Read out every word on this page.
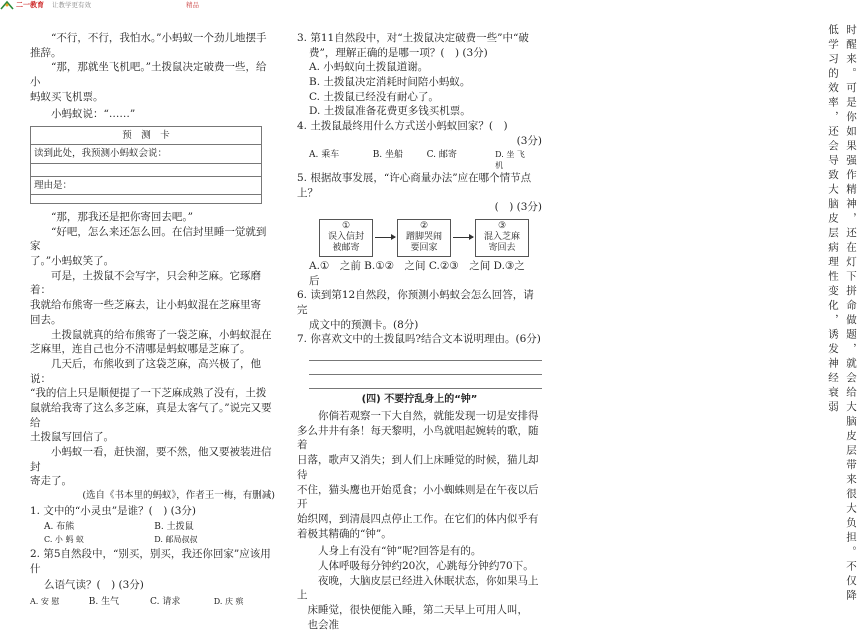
二一教育 让教学更有效	精品

“不行，不行，我怕水。”小蚂蚁一个劲儿地摆手

推辞。

“那，那就坐飞机吧。”土拨鼠决定破费一些，给小

蚂蚁买飞机票。

小蚂蚁说：“……”

预　测　卡
读到此处，我预测小蚂蚁会说：

理由是：

“那，那我还是把你寄回去吧。”

“好吧，怎么来还怎么回。在信封里睡一觉就到家

了。”小蚂蚁笑了。

可是，土拨鼠不会写字，只会种芝麻。它琢磨着：

我就给布熊寄一些芝麻去，让小蚂蚁混在芝麻里寄

回去。

土拨鼠就真的给布熊寄了一袋芝麻，小蚂蚁混在

芝麻里，连自己也分不清哪是蚂蚁哪是芝麻了。

几天后，布熊收到了这袋芝麻，高兴极了，他说：

“我的信上只是顺便提了一下芝麻成熟了没有，土拨

鼠就给我寄了这么多芝麻，真是太客气了。”说完又要给

土拨鼠写回信了。

小蚂蚁一看，赶快溜，要不然，他又要被装进信封

寄走了。

(选自《书本里的蚂蚁》，作者王一梅，有删减)

1. 文中的“小灵虫”是谁？(　) (3分)

A. 布熊	B. 土拨鼠
C. 小 蚂 蚁	D. 邮局叔叔

2. 第5自然段中，“别买，别买，我还你回家”应该用什

么语气读？(　) (3分)

A. 安 慰	B. 生气	C. 请求	D. 庆 殡

3. 第11自然段中，对“土拨鼠决定破费一些”中“破

费”，理解正确的是哪一项？(　) (3分)

A. 小蚂蚁向土拨鼠道谢。

B. 土拨鼠决定消耗时间陪小蚂蚁。

C. 土拨鼠已经没有耐心了。

D. 土拨鼠准备花费更多钱买机票。

4. 土拨鼠最终用什么方式送小蚂蚁回家？(　)

(3分)

A. 乘车	B. 坐船	C. 邮寄	D. 坐 飞 机

5. 根据故事发展，“许心商量办法”应在哪个情节点上？

(　) (3分)

①
误入信封
被邮寄
②
蹭脚哭闹
要回家
③
混入芝麻
寄回去

A.①　之前 B.①②　之间 C.②③　之间 D.③之　后

6. 读到第12自然段，你预测小蚂蚁会怎么回答，请完

成文中的预测卡。(8分)

7. 你喜欢文中的土拨鼠吗?结合文本说明理由。(6分)

(四) 不要拧乱身上的“钟”

你倘若观察一下大自然，就能发现一切是安排得

多么井井有条！每天黎明，小鸟就唱起婉转的歌，随着

日落，歌声又消失；到人们上床睡觉的时候，猫儿却待

不住，猫头鹰也开始觅食；小小蜘蛛则是在午夜以后开

始织网，到清晨四点停止工作。在它们的体内似乎有

着极其精确的“钟”。

人身上有没有“钟”呢?回答是有的。

人体呼吸每分钟约20次，心跳每分钟约70下。

夜晚，大脑皮层已经进入休眠状态，你如果马上上

床睡觉，很快便能入睡，第二天早上可用人叫，

也会准	时醒来。可是你如果强作精神，还在灯下拼命做题，就会给大脑皮层带来很大负担。不仅降低学习的效率，还会导致大脑皮层病理性变化，诱发神经衰弱
